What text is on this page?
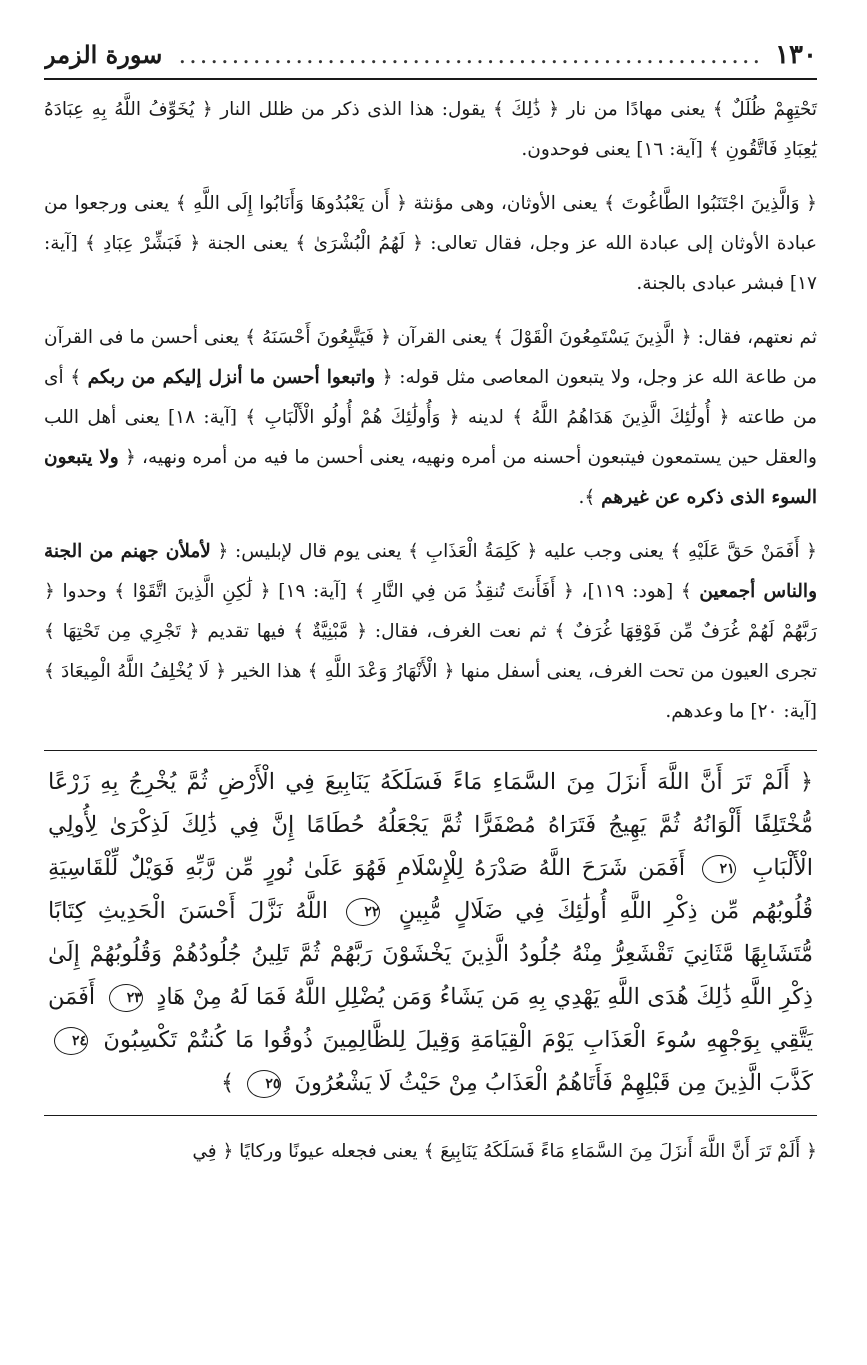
١٣٠
.....
سورة الزمر

تَحْتِهِمْ ظُلَلٌ ﴾ يعنى مهادًا من نار ﴿ ذَٰلِكَ ﴾ يقول: هذا الذى ذكر من ظلل النار ﴿ يُخَوِّفُ اللَّهُ بِهِ عِبَادَهُ يَٰعِبَادِ فَاتَّقُونِ ﴾ [آية: ١٦] يعنى فوحدون.

﴿ وَالَّذِينَ اجْتَنَبُوا الطَّاغُوتَ ﴾ يعنى الأوثان، وهى مؤنثة ﴿ أَن يَعْبُدُوهَا وَأَنَابُوا إِلَى اللَّهِ ﴾ يعنى ورجعوا من عبادة الأوثان إلى عبادة الله عز وجل، فقال تعالى: ﴿ لَهُمُ الْبُشْرَىٰ ﴾ يعنى الجنة ﴿ فَبَشِّرْ عِبَادِ ﴾ [آية: ١٧] فبشر عبادى بالجنة.

ثم نعتهم، فقال: ﴿ الَّذِينَ يَسْتَمِعُونَ الْقَوْلَ ﴾ يعنى القرآن ﴿ فَيَتَّبِعُونَ أَحْسَنَهُ ﴾ يعنى أحسن ما فى القرآن من طاعة الله عز وجل، ولا يتبعون المعاصى مثل قوله: ﴿ واتبعوا أحسن ما أنزل إليكم من ربكم ﴾ أى من طاعته ﴿ أُولَٰئِكَ الَّذِينَ هَدَاهُمُ اللَّهُ ﴾ لدينه ﴿ وَأُولَٰئِكَ هُمْ أُولُو الْأَلْبَابِ ﴾ [آية: ١٨] يعنى أهل اللب والعقل حين يستمعون فيتبعون أحسنه من أمره ونهيه، يعنى أحسن ما فيه من أمره ونهيه، ﴿ ولا يتبعون السوء الذى ذكره عن غيرهم ﴾.

﴿ أَفَمَنْ حَقَّ عَلَيْهِ ﴾ يعنى وجب عليه ﴿ كَلِمَةُ الْعَذَابِ ﴾ يعنى يوم قال لإبليس: ﴿ لأملأن جهنم من الجنة والناس أجمعين ﴾ [هود: ١١٩]، ﴿ أَفَأَنتَ تُنقِذُ مَن فِي النَّارِ ﴾ [آية: ١٩] ﴿ لَٰكِنِ الَّذِينَ اتَّقَوْا ﴾ وحدوا ﴿ رَبَّهُمْ لَهُمْ غُرَفٌ مِّن فَوْقِهَا غُرَفٌ ﴾ ثم نعت الغرف، فقال: ﴿ مَّبْنِيَّةٌ ﴾ فيها تقديم ﴿ تَجْرِي مِن تَحْتِهَا ﴾ تجرى العيون من تحت الغرف، يعنى أسفل منها ﴿ الْأَنْهَارُ وَعْدَ اللَّهِ ﴾ هذا الخير ﴿ لَا يُخْلِفُ اللَّهُ الْمِيعَادَ ﴾ [آية: ٢٠] ما وعدهم.

﴿ أَلَمْ تَرَ أَنَّ اللَّهَ أَنزَلَ مِنَ السَّمَاءِ مَاءً فَسَلَكَهُ يَنَابِيعَ فِي الْأَرْضِ ثُمَّ يُخْرِجُ بِهِ زَرْعًا مُّخْتَلِفًا أَلْوَانُهُ ثُمَّ يَهِيجُ فَتَرَاهُ مُصْفَرًّا ثُمَّ يَجْعَلُهُ حُطَامًا إِنَّ فِي ذَٰلِكَ لَذِكْرَىٰ لِأُولِي الْأَلْبَابِ ٢١ أَفَمَن شَرَحَ اللَّهُ صَدْرَهُ لِلْإِسْلَامِ فَهُوَ عَلَىٰ نُورٍ مِّن رَّبِّهِ فَوَيْلٌ لِّلْقَاسِيَةِ قُلُوبُهُم مِّن ذِكْرِ اللَّهِ أُولَٰئِكَ فِي ضَلَالٍ مُّبِينٍ ٢٢ اللَّهُ نَزَّلَ أَحْسَنَ الْحَدِيثِ كِتَابًا مُّتَشَابِهًا مَّثَانِيَ تَقْشَعِرُّ مِنْهُ جُلُودُ الَّذِينَ يَخْشَوْنَ رَبَّهُمْ ثُمَّ تَلِينُ جُلُودُهُمْ وَقُلُوبُهُمْ إِلَىٰ ذِكْرِ اللَّهِ ذَٰلِكَ هُدَى اللَّهِ يَهْدِي بِهِ مَن يَشَاءُ وَمَن يُضْلِلِ اللَّهُ فَمَا لَهُ مِنْ هَادٍ ٢٣ أَفَمَن يَتَّقِي بِوَجْهِهِ سُوءَ الْعَذَابِ يَوْمَ الْقِيَامَةِ وَقِيلَ لِلظَّالِمِينَ ذُوقُوا مَا كُنتُمْ تَكْسِبُونَ ٢٤ كَذَّبَ الَّذِينَ مِن قَبْلِهِمْ فَأَتَاهُمُ الْعَذَابُ مِنْ حَيْثُ لَا يَشْعُرُونَ ٢٥ ﴾
﴿ أَلَمْ تَرَ أَنَّ اللَّهَ أَنزَلَ مِنَ السَّمَاءِ مَاءً فَسَلَكَهُ يَنَابِيعَ ﴾ يعنى فجعله عيونًا وركايًا ﴿ فِي
